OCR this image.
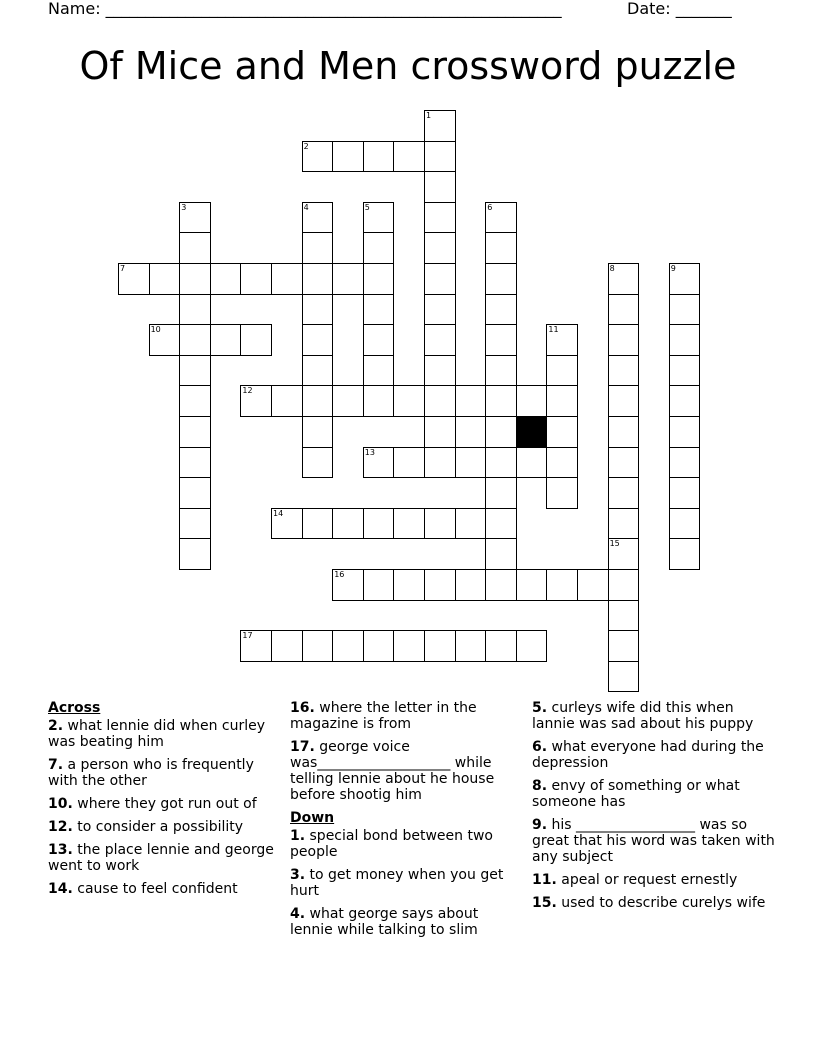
Name: _________________________________________________________	Date: _______
Of Mice and Men crossword puzzle
1
2
3	4	5	6
7	8	9
10	11
12
13
14
15
16
17
Across
2. what lennie did when curley was beating him
7. a person who is frequently with the other
10. where they got run out of
12. to consider a possibility
13. the place lennie and george went to work
14. cause to feel confident
16. where the letter in the magazine is from
17. george voice was___________________ while telling lennie about he house before shootig him
Down
1. special bond between two people
3. to get money when you get hurt
4. what george says about lennie while talking to slim
5. curleys wife did this when lannie was sad about his puppy
6. what everyone had during the depression
8. envy of something or what someone has
9. his _________________ was so great that his word was taken with any subject
11. apeal or request ernestly
15. used to describe curelys wife
